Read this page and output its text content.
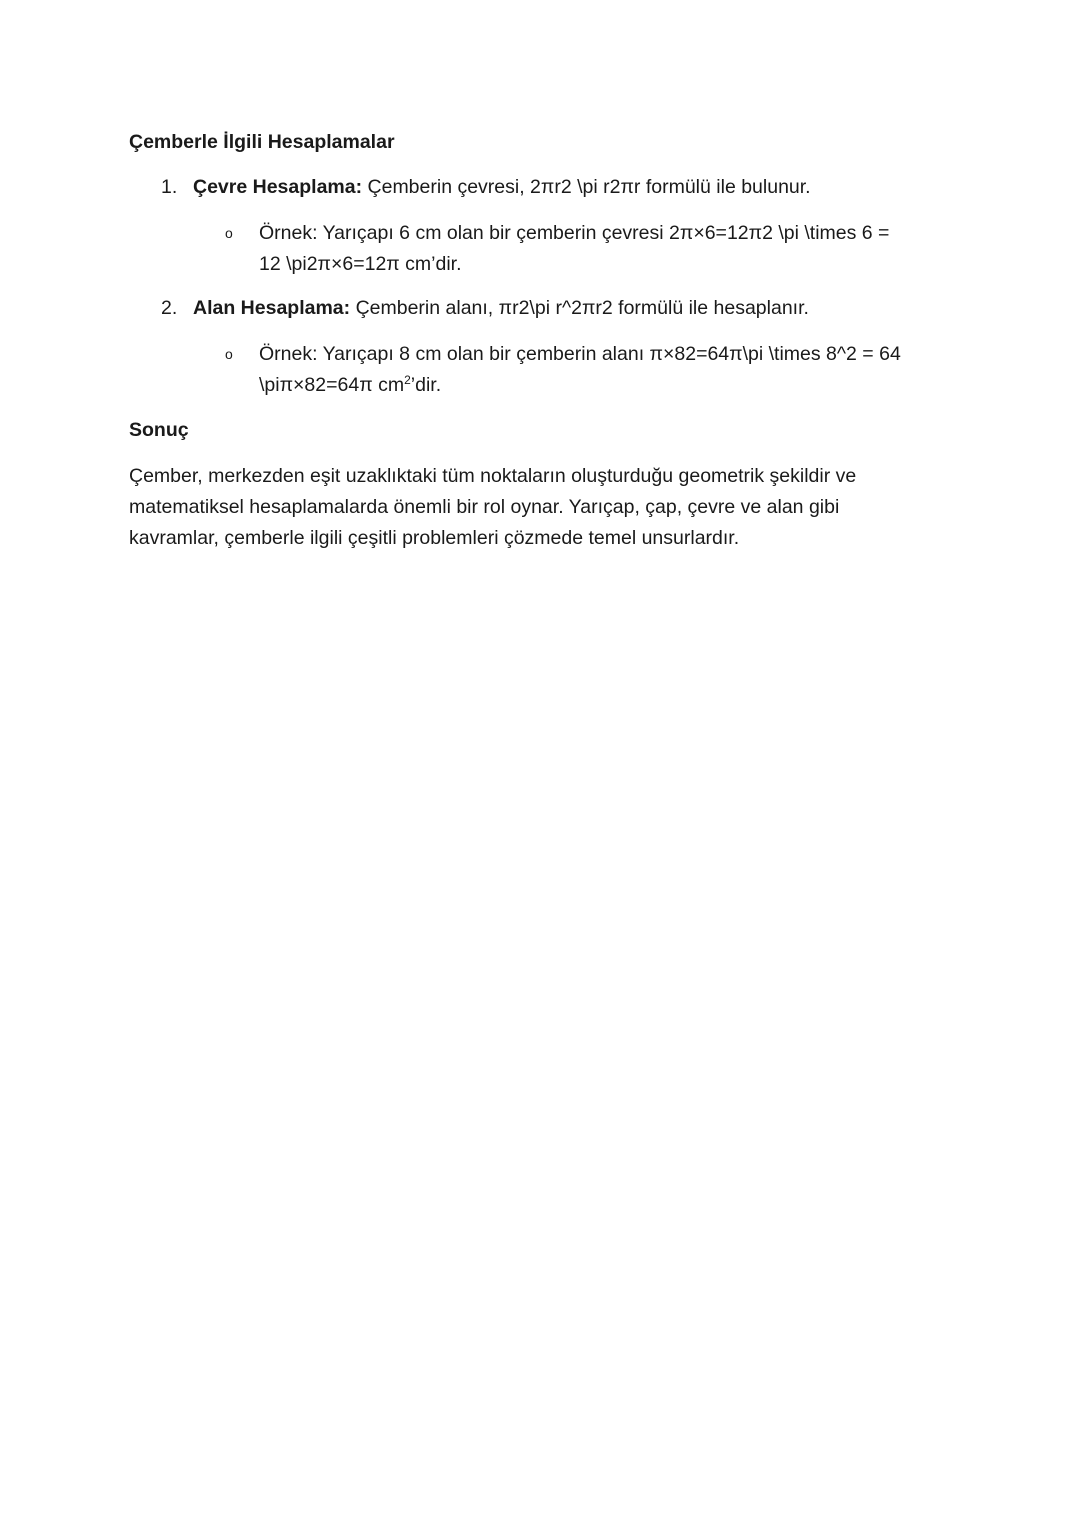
Çemberle İlgili Hesaplamalar
1. Çevre Hesaplama: Çemberin çevresi, 2πr2 \pi r2πr formülü ile bulunur.
o Örnek: Yarıçapı 6 cm olan bir çemberin çevresi 2π×6=12π2 \pi \times 6 =
12 \pi2π×6=12π cm’dir.
2. Alan Hesaplama: Çemberin alanı, πr2\pi r^2πr2 formülü ile hesaplanır.
o Örnek: Yarıçapı 8 cm olan bir çemberin alanı π×82=64π\pi \times 8^2 = 64
\piπ×82=64π $cm^2’dir$.
Sonuç
Çember, merkezden eşit uzaklıktaki tüm noktaların oluşturduğu geometrik şekildir ve
matematiksel hesaplamalarda önemli bir rol oynar. Yarıçap, çap, çevre ve alan gibi
kavramlar, çemberle ilgili çeşitli problemleri çözmede temel unsurlardır.
